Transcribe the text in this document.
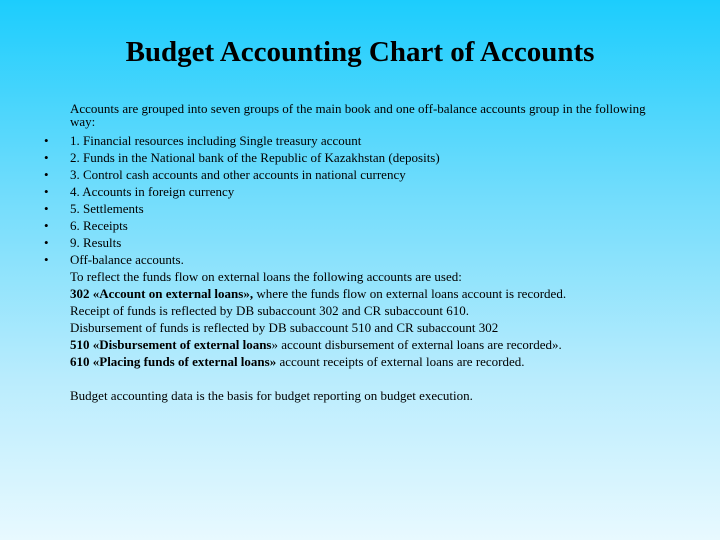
Budget Accounting Chart of Accounts

Accounts are grouped into seven groups of the main book and one off-balance accounts group in the following way:

• 1. Financial resources including Single treasury account

• 2. Funds in the National bank of the Republic of Kazakhstan (deposits)

• 3. Control cash accounts and other accounts in national currency

• 4. Accounts in foreign currency

• 5. Settlements

• 6. Receipts

• 9. Results

• Off-balance accounts.

To reflect the funds flow on external loans the following accounts are used:

302 «Account on external loans», where the funds flow on external loans account is recorded.

Receipt of funds is reflected by DB subaccount 302 and CR subaccount 610.

Disbursement of funds is reflected by DB subaccount 510 and CR subaccount 302

510 «Disbursement of external loans» account disbursement of external loans are recorded».

610 «Placing funds of external loans» account receipts of external loans are recorded.

Budget accounting data is the basis for budget reporting on budget execution.
